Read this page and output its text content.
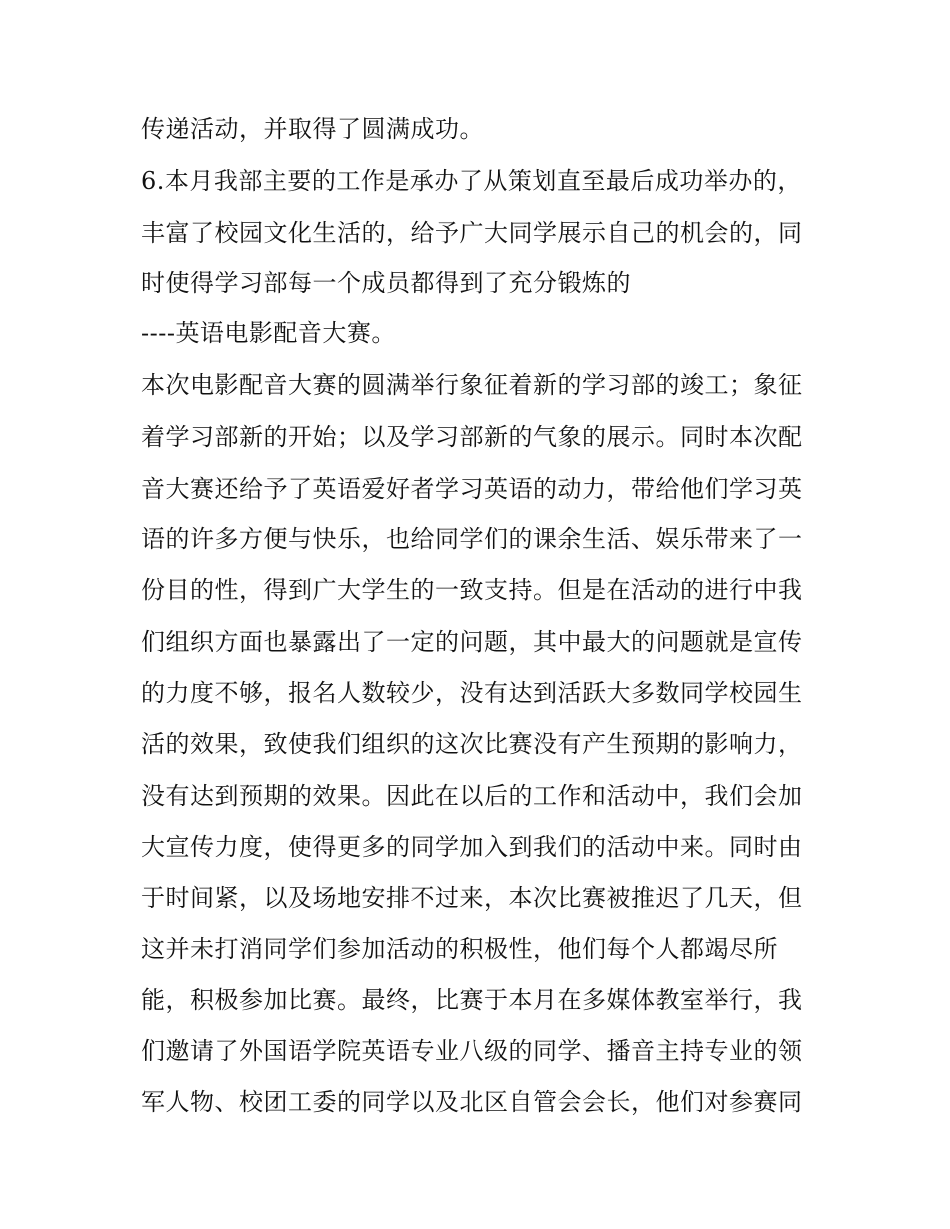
传递活动，并取得了圆满成功。
6.本月我部主要的工作是承办了从策划直至最后成功举办的，
丰富了校园文化生活的，给予广大同学展示自己的机会的，同
时使得学习部每一个成员都得到了充分锻炼的
----英语电影配音大赛。
本次电影配音大赛的圆满举行象征着新的学习部的竣工；象征
着学习部新的开始；以及学习部新的气象的展示。同时本次配
音大赛还给予了英语爱好者学习英语的动力，带给他们学习英
语的许多方便与快乐，也给同学们的课余生活、娱乐带来了一
份目的性，得到广大学生的一致支持。但是在活动的进行中我
们组织方面也暴露出了一定的问题，其中最大的问题就是宣传
的力度不够，报名人数较少，没有达到活跃大多数同学校园生
活的效果，致使我们组织的这次比赛没有产生预期的影响力，
没有达到预期的效果。因此在以后的工作和活动中，我们会加
大宣传力度，使得更多的同学加入到我们的活动中来。同时由
于时间紧，以及场地安排不过来，本次比赛被推迟了几天，但
这并未打消同学们参加活动的积极性，他们每个人都竭尽所
能，积极参加比赛。最终，比赛于本月在多媒体教室举行，我
们邀请了外国语学院英语专业八级的同学、播音主持专业的领
军人物、校团工委的同学以及北区自管会会长，他们对参赛同
